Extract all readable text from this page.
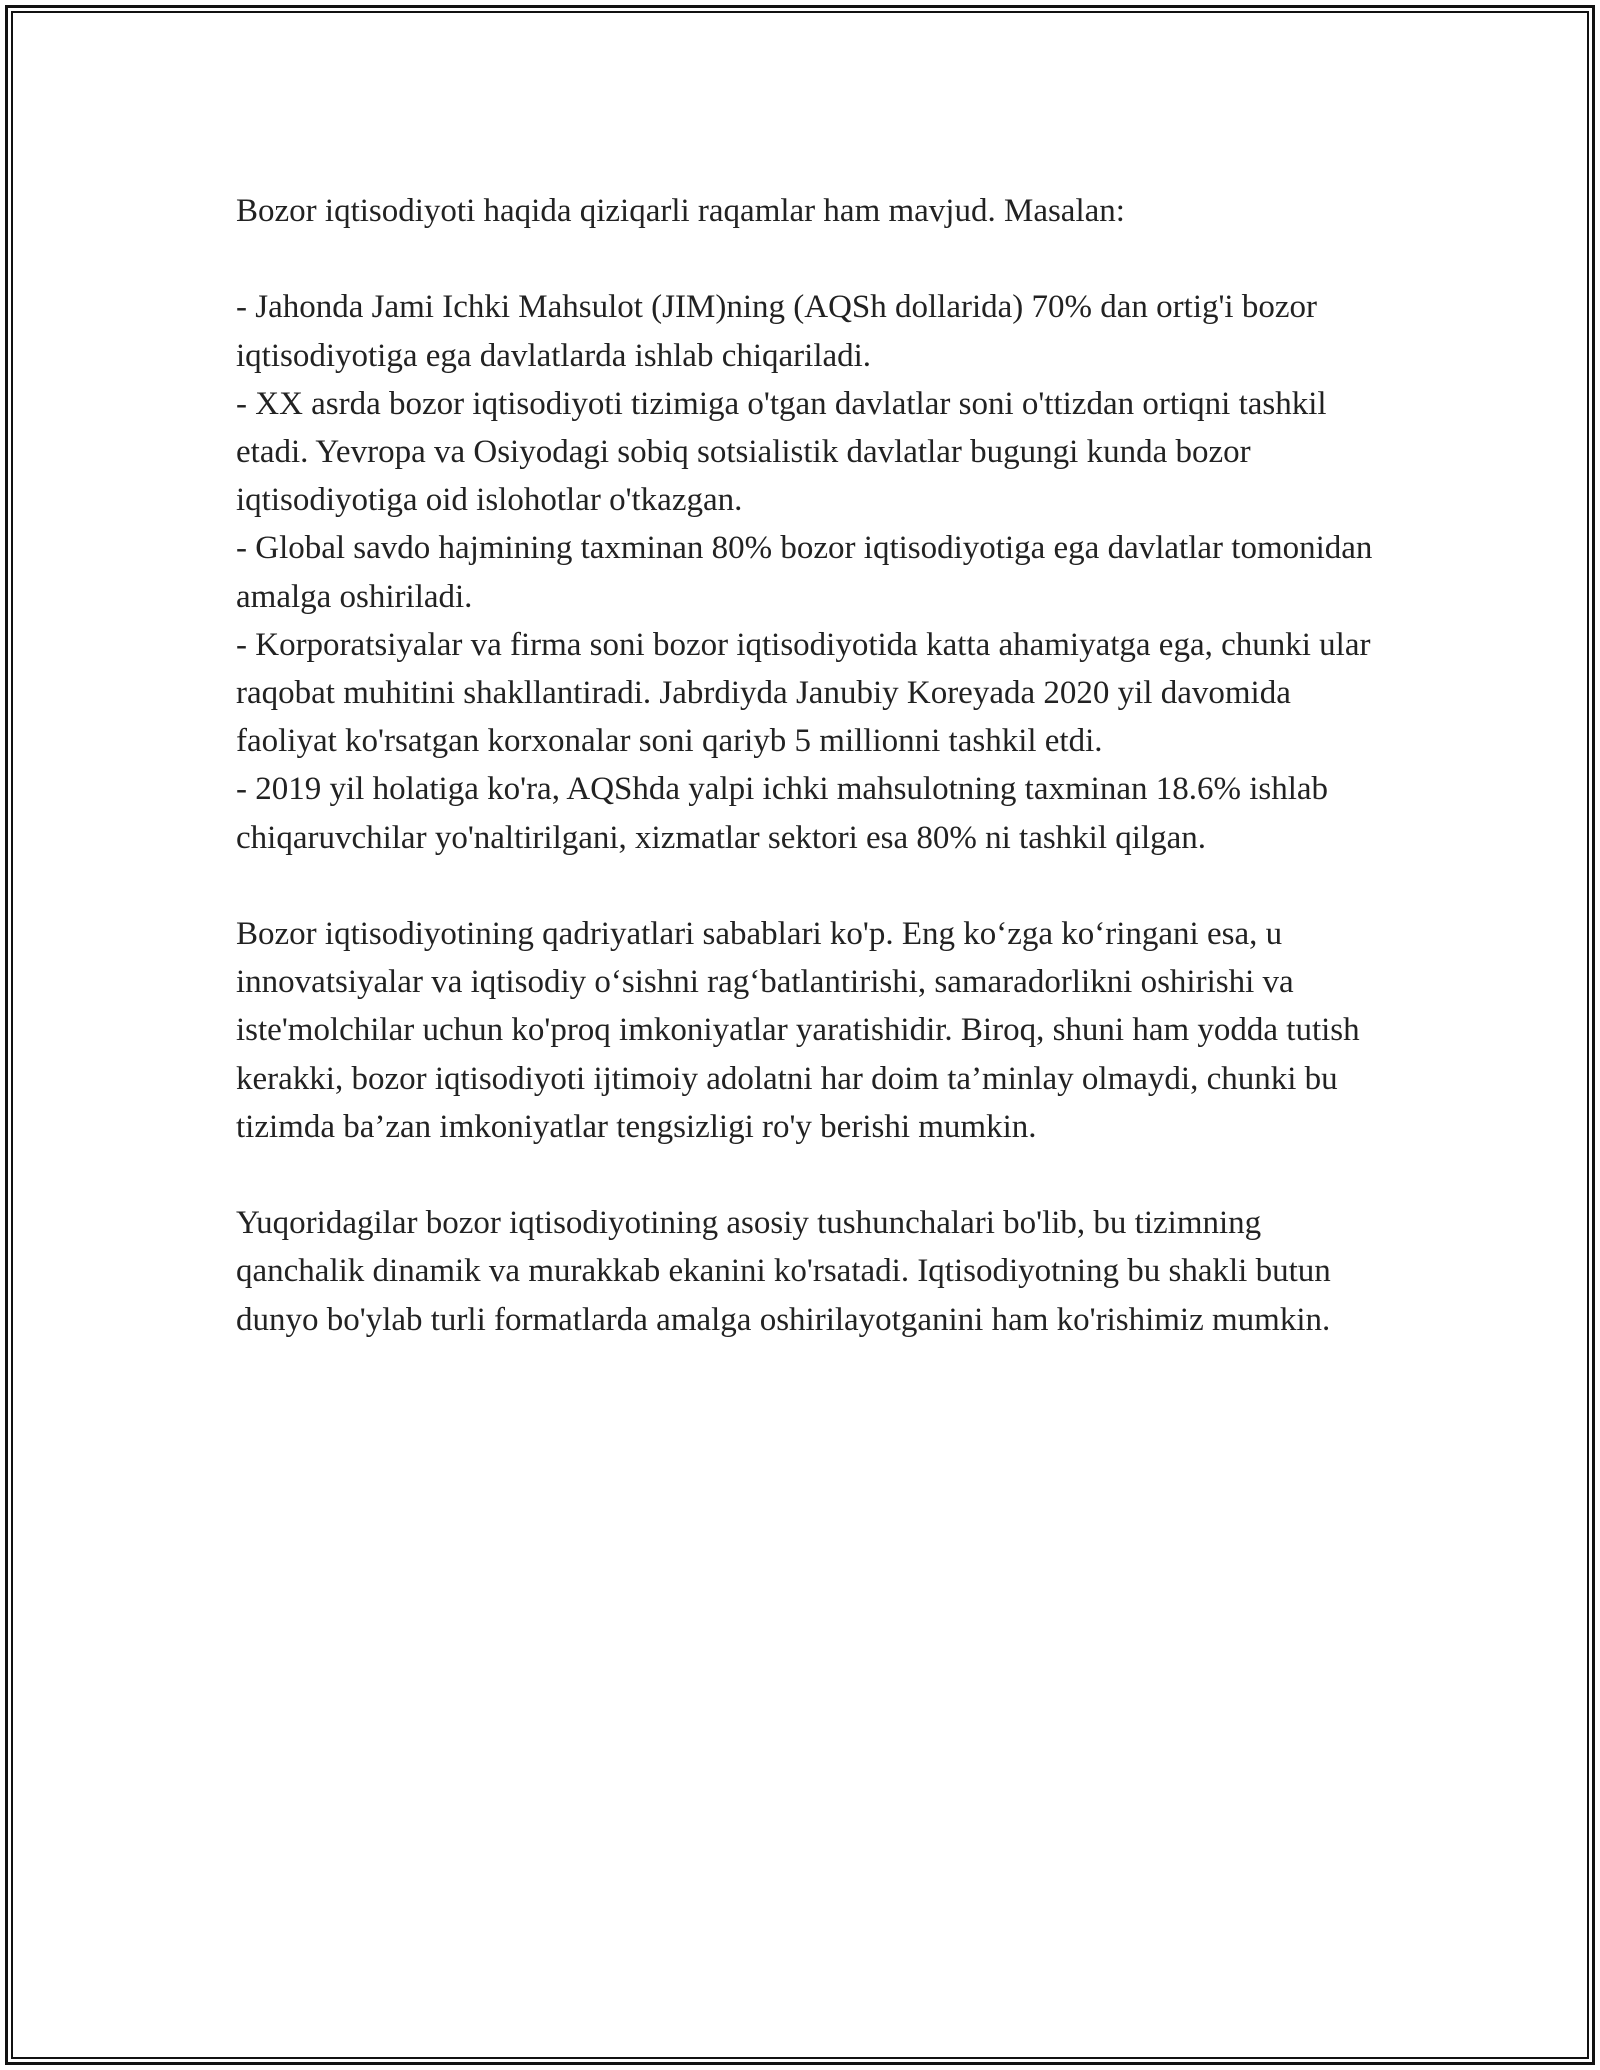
Bozor iqtisodiyoti haqida qiziqarli raqamlar ham mavjud. Masalan:

- Jahonda Jami Ichki Mahsulot (JIM)ning (AQSh dollarida) 70% dan ortig'i bozor iqtisodiyotiga ega davlatlarda ishlab chiqariladi.

- XX asrda bozor iqtisodiyoti tizimiga o'tgan davlatlar soni o'ttizdan ortiqni tashkil etadi. Yevropa va Osiyodagi sobiq sotsialistik davlatlar bugungi kunda bozor iqtisodiyotiga oid islohotlar o'tkazgan.

- Global savdo hajmining taxminan 80% bozor iqtisodiyotiga ega davlatlar tomonidan amalga oshiriladi.

- Korporatsiyalar va firma soni bozor iqtisodiyotida katta ahamiyatga ega, chunki ular raqobat muhitini shakllantiradi. Jabrdiyda Janubiy Koreyada 2020 yil davomida faoliyat ko'rsatgan korxonalar soni qariyb 5 millionni tashkil etdi.

- 2019 yil holatiga ko'ra, AQShda yalpi ichki mahsulotning taxminan 18.6% ishlab chiqaruvchilar yo'naltirilgani, xizmatlar sektori esa 80% ni tashkil qilgan.

Bozor iqtisodiyotining qadriyatlari sabablari ko'p. Eng ko‘zga ko‘ringani esa, u innovatsiyalar va iqtisodiy o‘sishni rag‘batlantirishi, samaradorlikni oshirishi va iste'molchilar uchun ko'proq imkoniyatlar yaratishidir. Biroq, shuni ham yodda tutish kerakki, bozor iqtisodiyoti ijtimoiy adolatni har doim ta’minlay olmaydi, chunki bu tizimda ba’zan imkoniyatlar tengsizligi ro'y berishi mumkin.

Yuqoridagilar bozor iqtisodiyotining asosiy tushunchalari bo'lib, bu tizimning qanchalik dinamik va murakkab ekanini ko'rsatadi. Iqtisodiyotning bu shakli butun dunyo bo'ylab turli formatlarda amalga oshirilayotganini ham ko'rishimiz mumkin.
